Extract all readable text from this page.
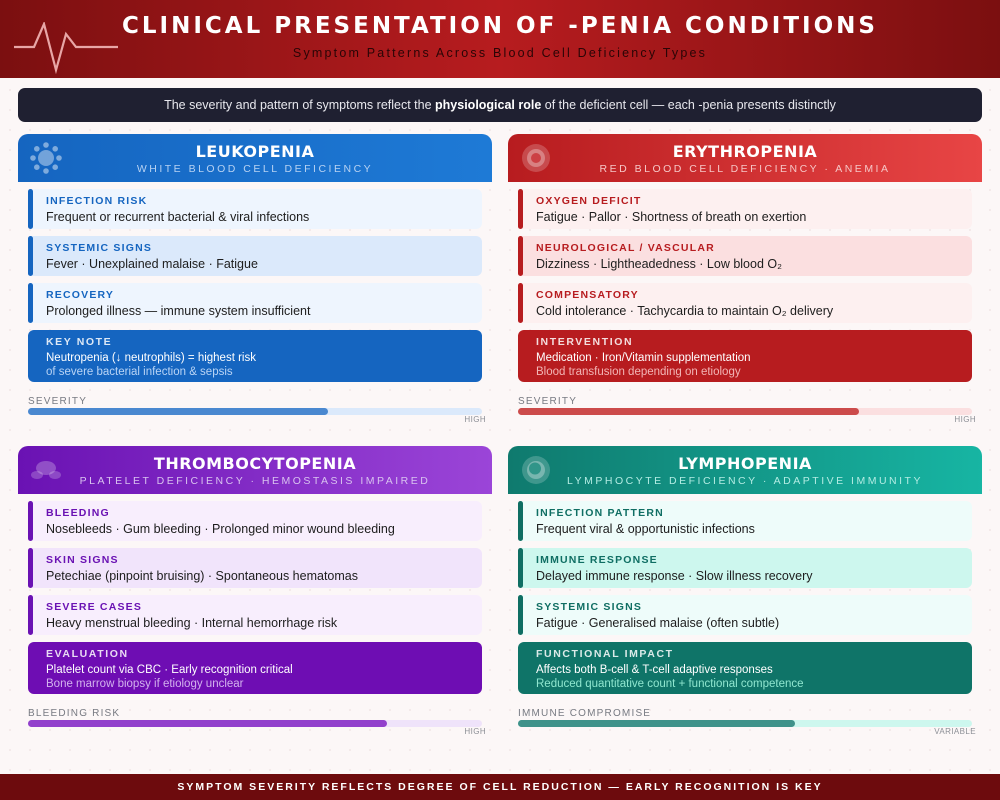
CLINICAL PRESENTATION OF -PENIA CONDITIONS
Symptom Patterns Across Blood Cell Deficiency Types
The severity and pattern of symptoms reflect the physiological role of the deficient cell — each -penia presents distinctly
LEUKOPENIA
WHITE BLOOD CELL DEFICIENCY
INFECTION RISK
Frequent or recurrent bacterial & viral infections
SYSTEMIC SIGNS
Fever · Unexplained malaise · Fatigue
RECOVERY
Prolonged illness — immune system insufficient
KEY NOTE
Neutropenia (↓ neutrophils) = highest risk
of severe bacterial infection & sepsis
SEVERITY
HIGH
ERYTHROPENIA
RED BLOOD CELL DEFICIENCY · ANEMIA
OXYGEN DEFICIT
Fatigue · Pallor · Shortness of breath on exertion
NEUROLOGICAL / VASCULAR
Dizziness · Lightheadedness · Low blood O₂
COMPENSATORY
Cold intolerance · Tachycardia to maintain O₂ delivery
INTERVENTION
Medication · Iron/Vitamin supplementation
Blood transfusion depending on etiology
SEVERITY
HIGH
THROMBOCYTOPENIA
PLATELET DEFICIENCY · HEMOSTASIS IMPAIRED
BLEEDING
Nosebleeds · Gum bleeding · Prolonged minor wound bleeding
SKIN SIGNS
Petechiae (pinpoint bruising) · Spontaneous hematomas
SEVERE CASES
Heavy menstrual bleeding · Internal hemorrhage risk
EVALUATION
Platelet count via CBC · Early recognition critical
Bone marrow biopsy if etiology unclear
BLEEDING RISK
HIGH
LYMPHOPENIA
LYMPHOCYTE DEFICIENCY · ADAPTIVE IMMUNITY
INFECTION PATTERN
Frequent viral & opportunistic infections
IMMUNE RESPONSE
Delayed immune response · Slow illness recovery
SYSTEMIC SIGNS
Fatigue · Generalised malaise (often subtle)
FUNCTIONAL IMPACT
Affects both B-cell & T-cell adaptive responses
Reduced quantitative count + functional competence
IMMUNE COMPROMISE
VARIABLE
SYMPTOM SEVERITY REFLECTS DEGREE OF CELL REDUCTION — EARLY RECOGNITION IS KEY
